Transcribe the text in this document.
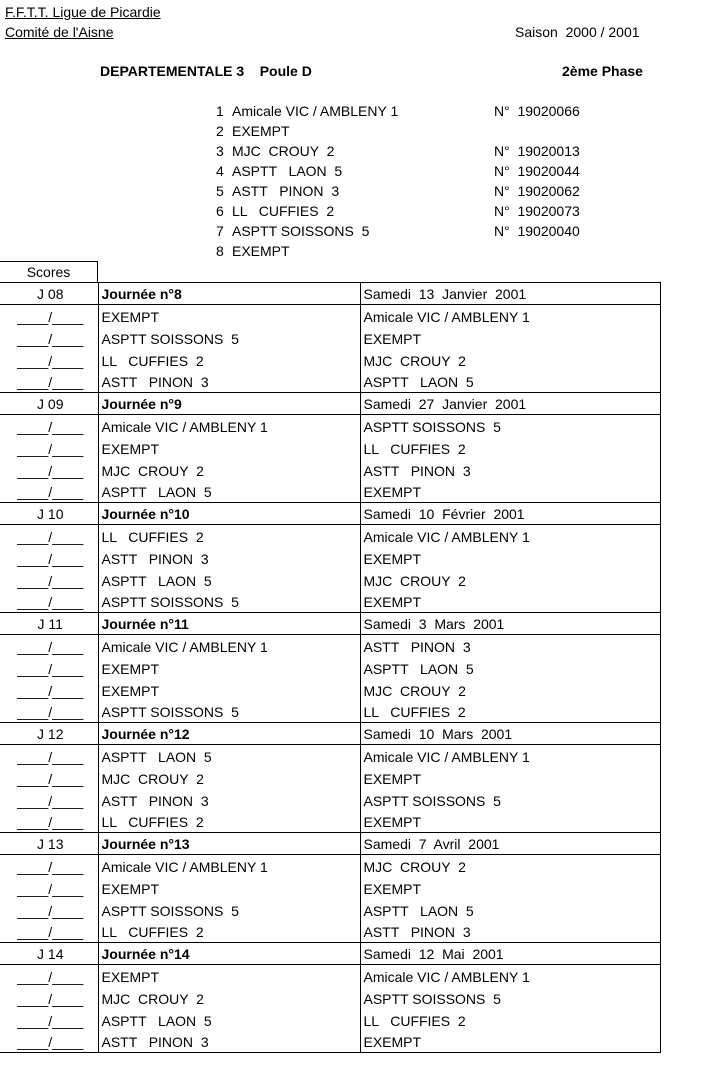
F.F.T.T. Ligue de Picardie
Comité de l'Aisne	Saison  2000 / 2001
DEPARTEMENTALE 3    Poule D	2ème Phase
1 Amicale VIC / AMBLENY 1	N°  19020066
2 EXEMPT
3 MJC  CROUY  2	N°  19020013
4 ASPTT   LAON  5	N°  19020044
5 ASTT   PINON  3	N°  19020062
6 LL   CUFFIES  2	N°  19020073
7 ASPTT SOISSONS  5	N°  19020040
8 EXEMPT
Scores
J 08	Journée n°8	Samedi  13  Janvier  2001
____/____	EXEMPT	Amicale VIC / AMBLENY 1
____/____	ASPTT SOISSONS  5	EXEMPT
____/____	LL   CUFFIES  2	MJC  CROUY  2
____/____	ASTT   PINON  3	ASPTT   LAON  5
J 09	Journée n°9	Samedi  27  Janvier  2001
____/____	Amicale VIC / AMBLENY 1	ASPTT SOISSONS  5
____/____	EXEMPT	LL   CUFFIES  2
____/____	MJC  CROUY  2	ASTT   PINON  3
____/____	ASPTT   LAON  5	EXEMPT
J 10	Journée n°10	Samedi  10  Février  2001
____/____	LL   CUFFIES  2	Amicale VIC / AMBLENY 1
____/____	ASTT   PINON  3	EXEMPT
____/____	ASPTT   LAON  5	MJC  CROUY  2
____/____	ASPTT SOISSONS  5	EXEMPT
J 11	Journée n°11	Samedi  3  Mars  2001
____/____	Amicale VIC / AMBLENY 1	ASTT   PINON  3
____/____	EXEMPT	ASPTT   LAON  5
____/____	EXEMPT	MJC  CROUY  2
____/____	ASPTT SOISSONS  5	LL   CUFFIES  2
J 12	Journée n°12	Samedi  10  Mars  2001
____/____	ASPTT   LAON  5	Amicale VIC / AMBLENY 1
____/____	MJC  CROUY  2	EXEMPT
____/____	ASTT   PINON  3	ASPTT SOISSONS  5
____/____	LL   CUFFIES  2	EXEMPT
J 13	Journée n°13	Samedi  7  Avril  2001
____/____	Amicale VIC / AMBLENY 1	MJC  CROUY  2
____/____	EXEMPT	EXEMPT
____/____	ASPTT SOISSONS  5	ASPTT   LAON  5
____/____	LL   CUFFIES  2	ASTT   PINON  3
J 14	Journée n°14	Samedi  12  Mai  2001
____/____	EXEMPT	Amicale VIC / AMBLENY 1
____/____	MJC  CROUY  2	ASPTT SOISSONS  5
____/____	ASPTT   LAON  5	LL   CUFFIES  2
____/____	ASTT   PINON  3	EXEMPT
